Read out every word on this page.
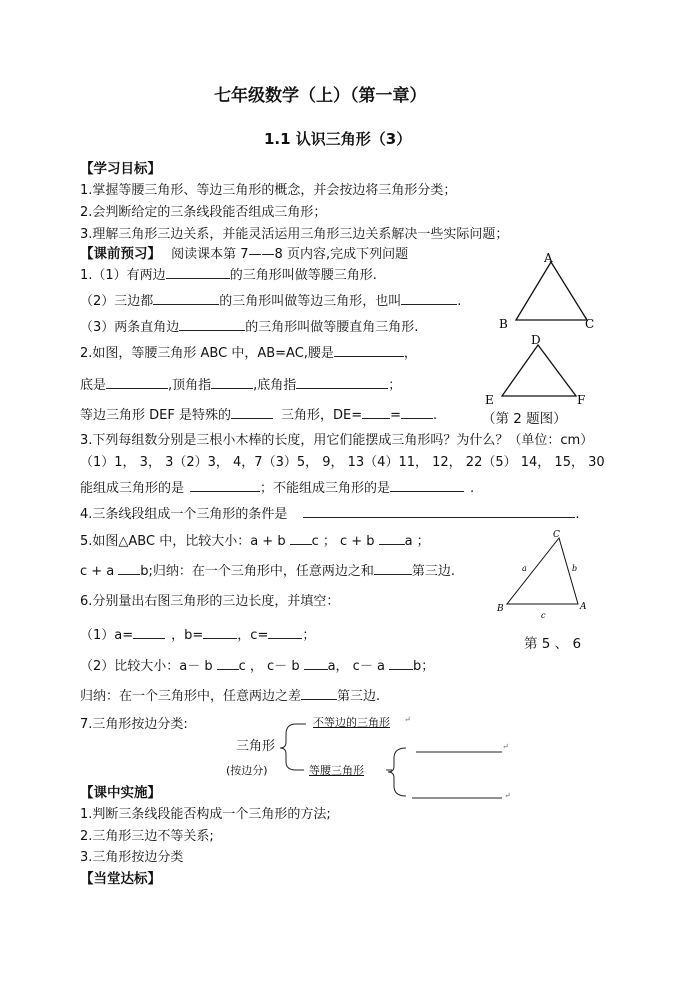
七年级数学（上）（第一章）
1.1 认识三角形（3）
【学习目标】
1.掌握等腰三角形、等边三角形的概念，并会按边将三角形分类；
2.会判断给定的三条线段能否组成三角形；
3.理解三角形三边关系，并能灵活运用三角形三边关系解决一些实际问题；
【课前预习】 阅读课本第 7——8 页内容,完成下列问题
1.（1）有两边	的三角形叫做等腰三角形.
（2）三边都	的三角形叫做等边三角形，也叫	.
（3）两条直角边	的三角形叫做等腰直角三角形.
2.如图，等腰三角形 ABC 中，AB=AC,腰是	，
底是	,顶角指	,底角指	；
等边三角形 DEF 是特殊的	三角形，DE= = .	（第 2 题图）
3.下列每组数分别是三根小木棒的长度，用它们能摆成三角形吗？为什么？（单位：cm）
（1）1， 3， 3（2）3， 4，7（3）5， 9， 13（4）11， 12， 22（5） 14， 15， 30
能组成三角形的是	；不能组成三角形的是	.
4.三条线段组成一个三角形的条件是	.
5.如图△ABC 中，比较大小：a + b c ； c + b a ；
c + a b;归纳：在一个三角形中，任意两边之和	第三边.
6.分别量出右图三角形的三边长度，并填空：
（1）a=	，b=	，c=	；
第 5 、 6
（2）比较大小：a－ b c ， c－ b a， c－ a b；
归纳：在一个三角形中，任意两边之差	第三边.
7.三角形按边分类:
三角形
(按边分)
不等边的三角形
等腰三角形
↵
↵
↵
A
B	C
D
E	F
C
B	A
a	b
c
【课中实施】
1.判断三条线段能否构成一个三角形的方法;
2.三角形三边不等关系;
3.三角形按边分类
【当堂达标】
